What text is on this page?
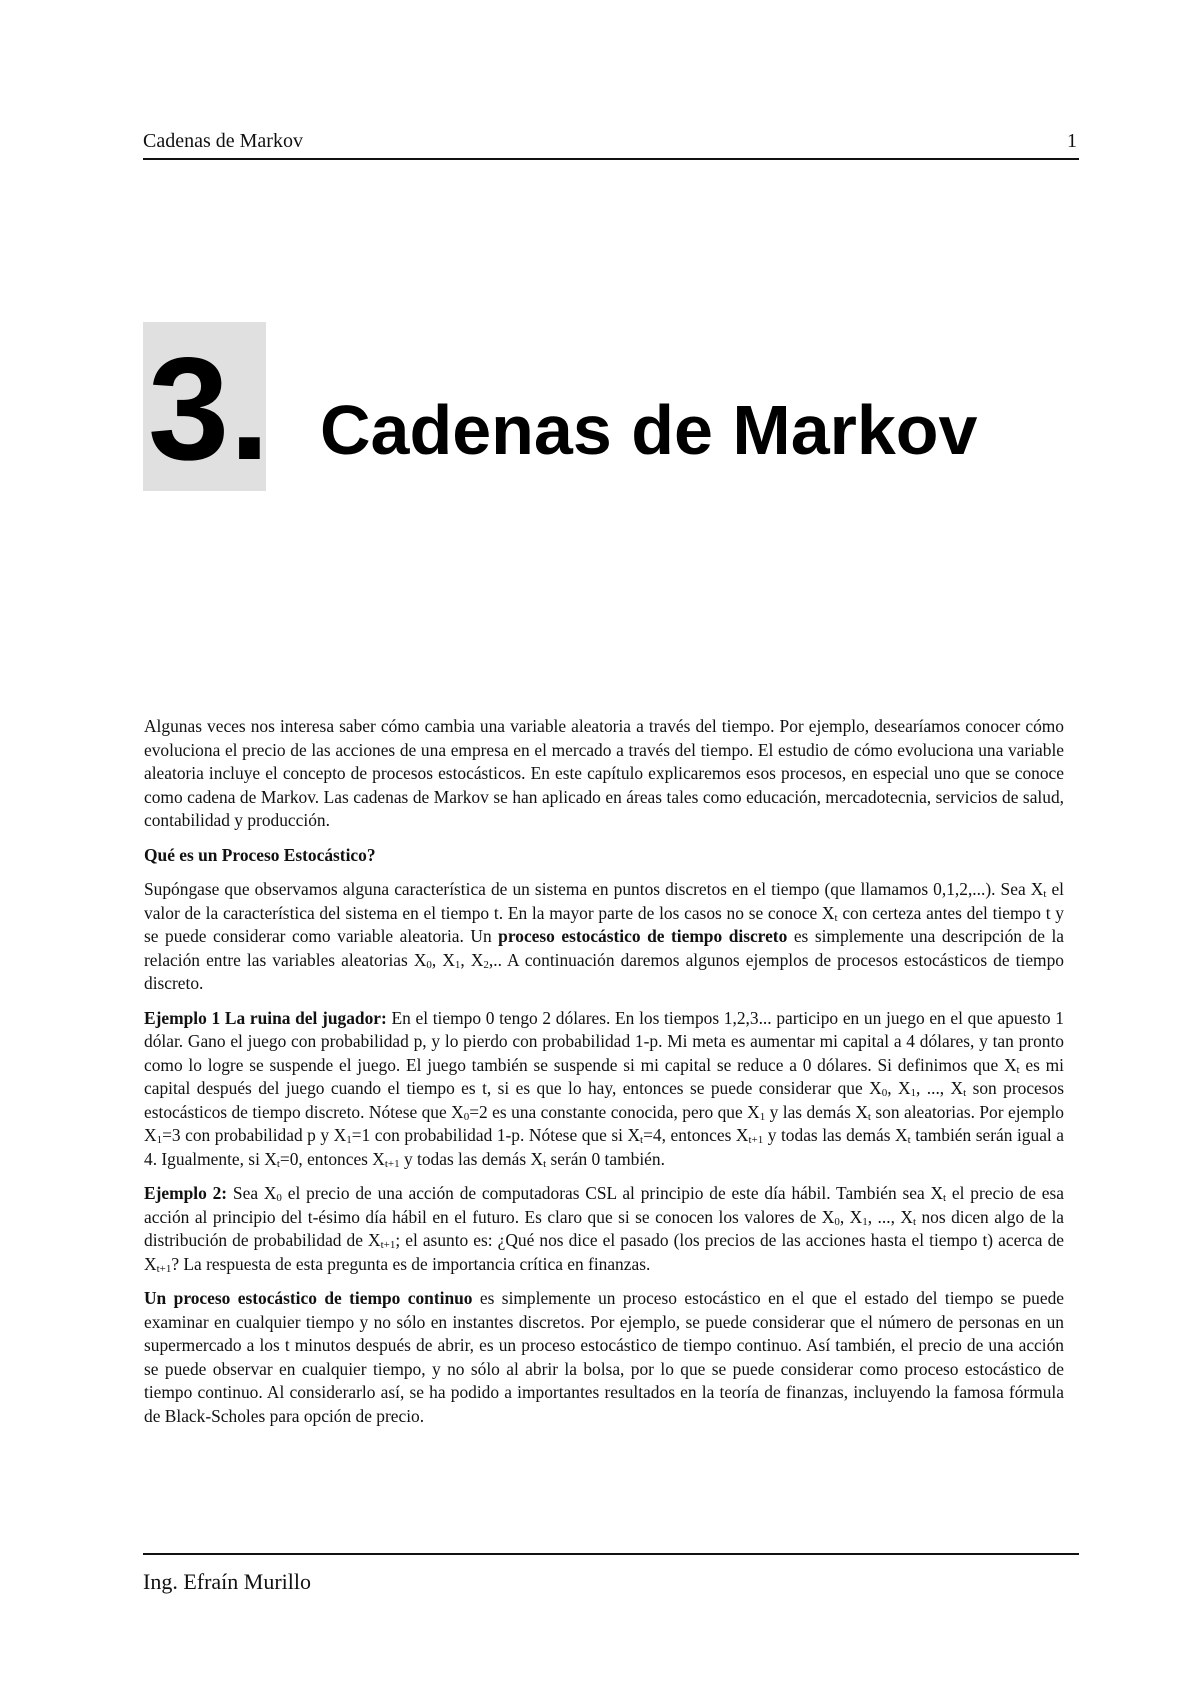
Cadenas de Markov	1
3. Cadenas de Markov

Algunas veces nos interesa saber cómo cambia una variable aleatoria a través del tiempo. Por ejemplo, desearíamos conocer cómo evoluciona el precio de las acciones de una empresa en el mercado a través del tiempo. El estudio de cómo evoluciona una variable aleatoria incluye el concepto de procesos estocásticos. En este capítulo explicaremos esos procesos, en especial uno que se conoce como cadena de Markov. Las cadenas de Markov se han aplicado en áreas tales como educación, mercadotecnia, servicios de salud, contabilidad y producción.

Qué es un Proceso Estocástico?

Supóngase que observamos alguna característica de un sistema en puntos discretos en el tiempo (que llamamos 0,1,2,...). Sea $X_t$ el valor de la característica del sistema en el tiempo t. En la mayor parte de los casos no se conoce $X_t$ con certeza antes del tiempo t y se puede considerar como variable aleatoria. Un proceso estocástico de tiempo discreto es simplemente una descripción de la relación entre las variables aleatorias $X_0$, $X_1$, $X_2$,.. A continuación daremos algunos ejemplos de procesos estocásticos de tiempo discreto.

Ejemplo 1 La ruina del jugador: En el tiempo 0 tengo 2 dólares. En los tiempos 1,2,3... participo en un juego en el que apuesto 1 dólar. Gano el juego con probabilidad p, y lo pierdo con probabilidad 1-p. Mi meta es aumentar mi capital a 4 dólares, y tan pronto como lo logre se suspende el juego. El juego también se suspende si mi capital se reduce a 0 dólares. Si definimos que $X_t$ es mi capital después del juego cuando el tiempo es t, si es que lo hay, entonces se puede considerar que $X_0$, $X_1$, ..., $X_t$ son procesos estocásticos de tiempo discreto. Nótese que $X_0=2$ es una constante conocida, pero que $X_1$ y las demás $X_t$ son aleatorias. Por ejemplo $X_1=3$ con probabilidad p y $X_1=1$ con probabilidad 1-p. Nótese que si $X_t=4$, entonces $X_{t+1}$ y todas las demás $X_t$ también serán igual a 4. Igualmente, si $X_t=0$, entonces $X_{t+1}$ y todas las demás $X_t$ serán 0 también.

Ejemplo 2: Sea $X_0$ el precio de una acción de computadoras CSL al principio de este día hábil. También sea $X_t$ el precio de esa acción al principio del t-ésimo día hábil en el futuro. Es claro que si se conocen los valores de $X_0$, $X_1$, ..., $X_t$ nos dicen algo de la distribución de probabilidad de $X_{t+1}$; el asunto es: ¿Qué nos dice el pasado (los precios de las acciones hasta el tiempo t) acerca de $X_{t+1}$? La respuesta de esta pregunta es de importancia crítica en finanzas.

Un proceso estocástico de tiempo continuo es simplemente un proceso estocástico en el que el estado del tiempo se puede examinar en cualquier tiempo y no sólo en instantes discretos. Por ejemplo, se puede considerar que el número de personas en un supermercado a los t minutos después de abrir, es un proceso estocástico de tiempo continuo. Así también, el precio de una acción se puede observar en cualquier tiempo, y no sólo al abrir la bolsa, por lo que se puede considerar como proceso estocástico de tiempo continuo. Al considerarlo así, se ha podido a importantes resultados en la teoría de finanzas, incluyendo la famosa fórmula de Black-Scholes para opción de precio.

Ing. Efraín Murillo
